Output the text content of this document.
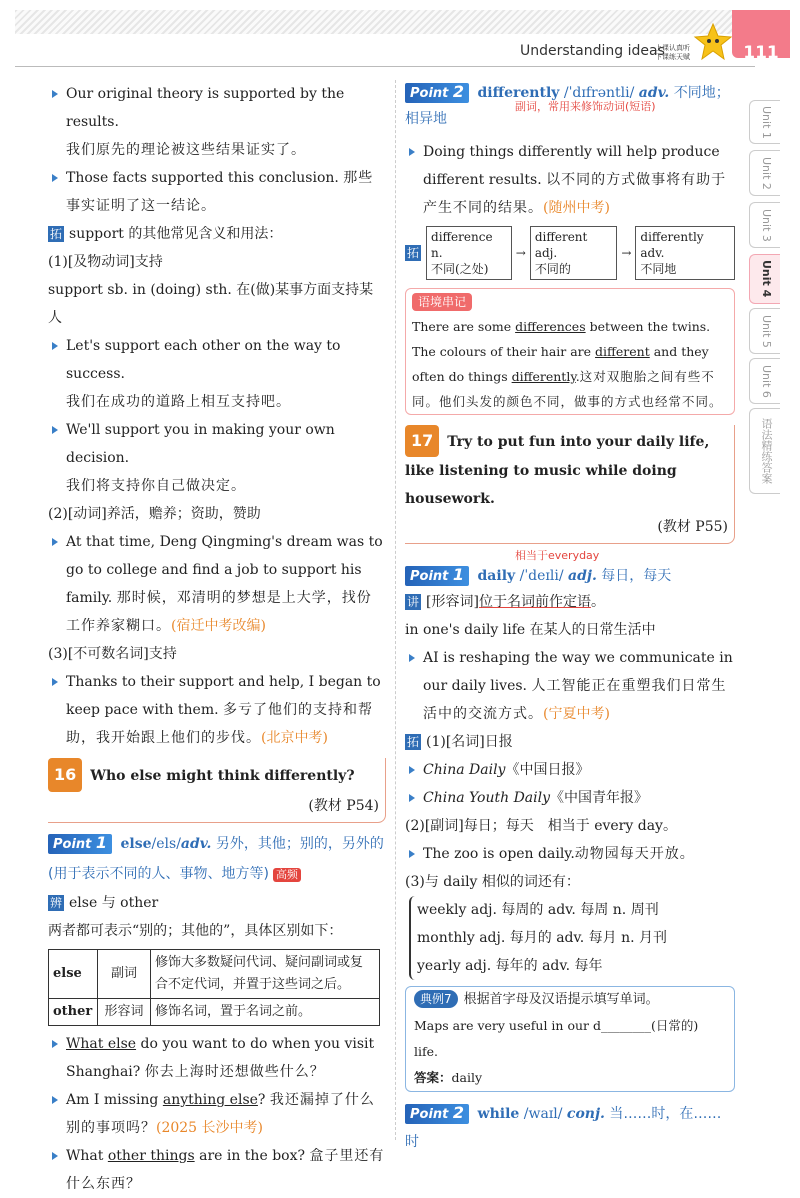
Understanding ideas
上课认真听
下课练天赋	111
Unit 1
Unit 2
Unit 3
Unit 4
Unit 5
Unit 6
语法精练答案
Our original theory is supported by the results.
我们原先的理论被这些结果证实了。
Those facts supported this conclusion. 那些事实证明了这一结论。
拓 support 的其他常见含义和用法：
(1)[及物动词]支持
support sb. in (doing) sth. 在(做)某事方面支持某人
Let's support each other on the way to success.
我们在成功的道路上相互支持吧。
We'll support you in making your own decision.
我们将支持你自己做决定。
(2)[动词]养活，赡养；资助，赞助
At that time, Deng Qingming's dream was to go to college and find a job to support his family. 那时候，邓清明的梦想是上大学，找份工作养家糊口。(宿迁中考改编)
(3)[不可数名词]支持
Thanks to their support and help, I began to keep pace with them. 多亏了他们的支持和帮助，我开始跟上他们的步伐。(北京中考)
16 Who else might think differently?
(教材 P54)
Point 1 else/els/adv. 另外，其他；别的，另外的(用于表示不同的人、事物、地方等) 高频
辨 else 与 other
两者都可表示“别的；其他的”，具体区别如下：
else	副词	修饰大多数疑问代词、疑问副词或复合不定代词，并置于这些词之后。
other	形容词	修饰名词，置于名词之前。
What else do you want to do when you visit Shanghai? 你去上海时还想做些什么？
Am I missing anything else? 我还漏掉了什么别的事项吗？(2025 长沙中考)
What other things are in the box? 盒子里还有什么东西？
Point 2 differently /ˈdɪfrəntli/ adv. 不同地；相异地
副词，常用来修饰动词(短语)
Doing things differently will help produce different results. 以不同的方式做事将有助于产生不同的结果。(随州中考)
拓
difference n.
不同(之处)
→
different adj.
不同的
→
differently adv.
不同地
语境串记
There are some differences between the twins. The colours of their hair are different and they often do things differently.这对双胞胎之间有些不同。他们头发的颜色不同，做事的方式也经常不同。
17 Try to put fun into your daily life, like listening to music while doing housework.
(教材 P55)
相当于everyday
Point 1 daily /ˈdeɪli/ adj. 每日，每天
讲 [形容词]位于名词前作定语。
in one's daily life 在某人的日常生活中
AI is reshaping the way we communicate in our daily lives. 人工智能正在重塑我们日常生活中的交流方式。(宁夏中考)
拓 (1)[名词]日报
China Daily《中国日报》
China Youth Daily《中国青年报》
(2)[副词]每日；每天　相当于 every day。
The zoo is open daily.动物园每天开放。
(3)与 daily 相似的词还有：
weekly adj. 每周的 adv. 每周 n. 周刊
monthly adj. 每月的 adv. 每月 n. 月刊
yearly adj. 每年的 adv. 每年
典例7 根据首字母及汉语提示填写单词。
Maps are very useful in our d________(日常的) life.
答案：daily
Point 2 while /waɪl/ conj. 当……时，在……时
